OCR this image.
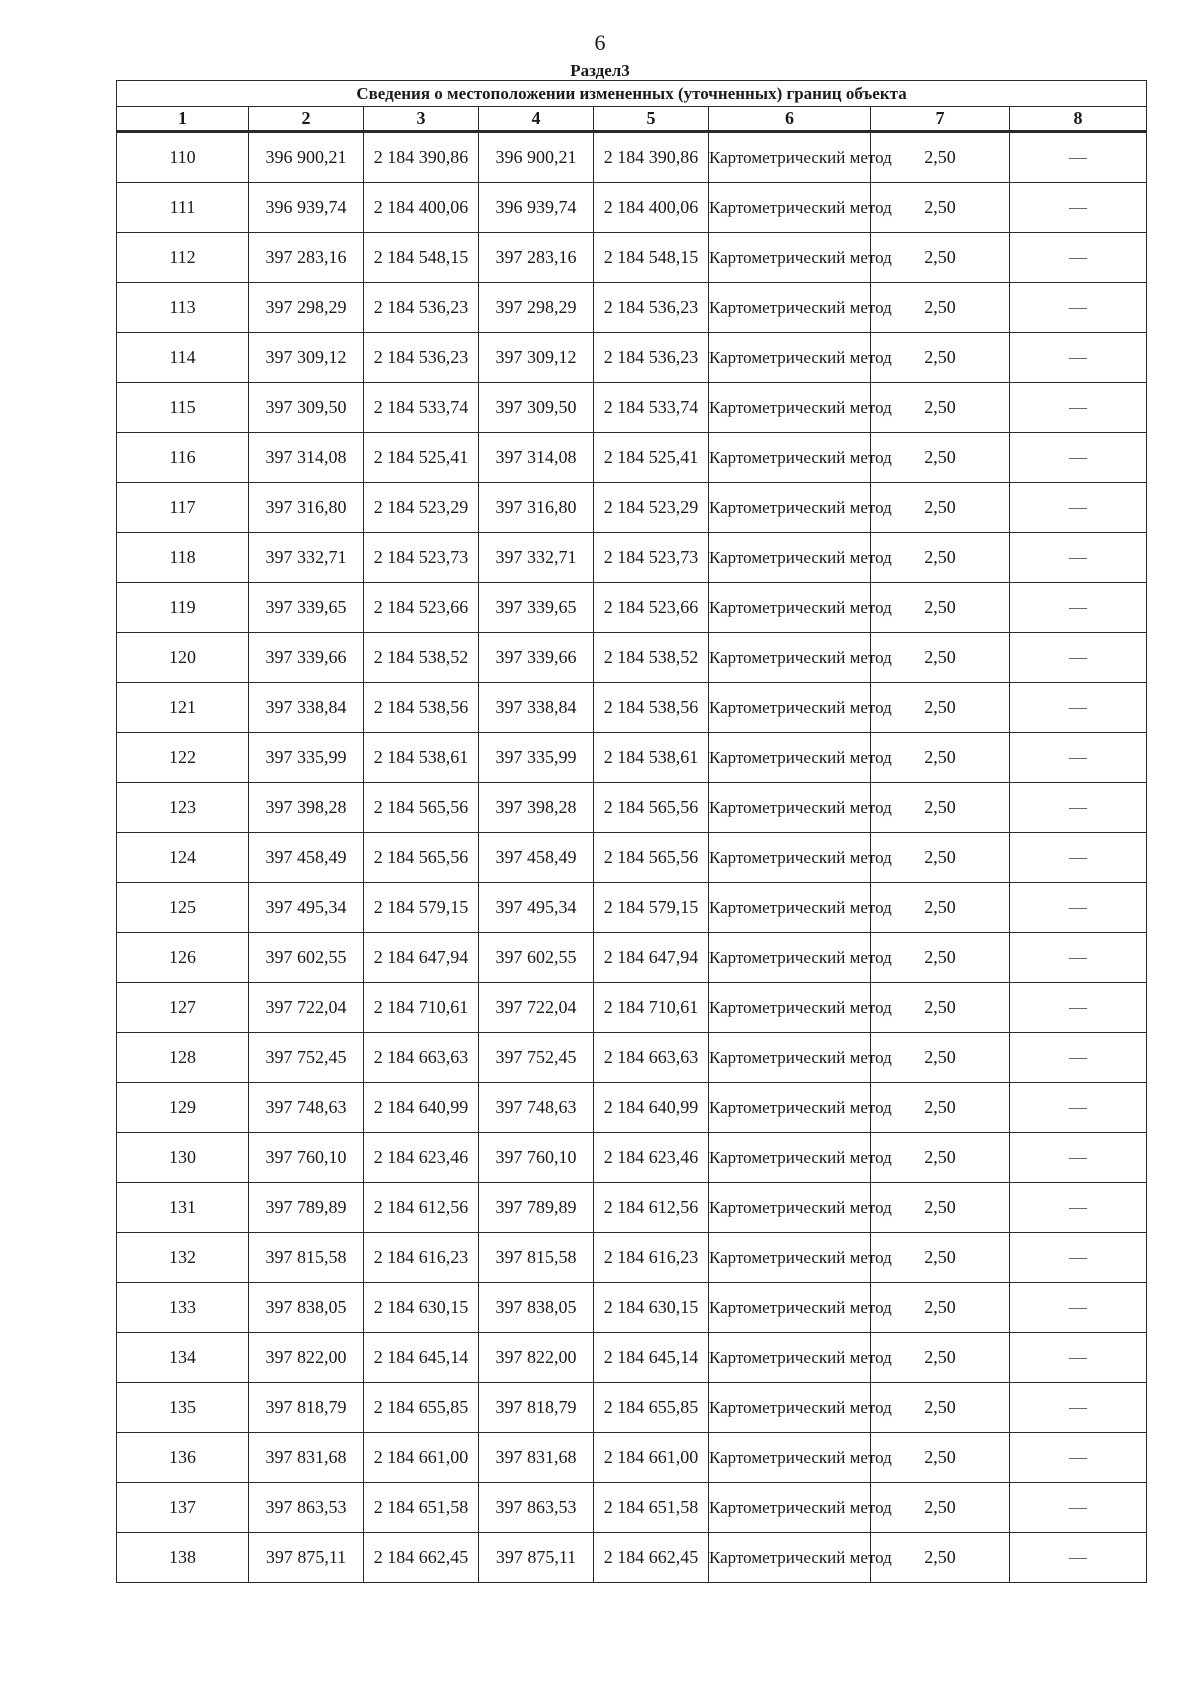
6
Раздел3
Сведения о местоположении измененных (уточненных) границ объекта							
1	2	3	4	5	6	7	8
110	396 900,21	2 184 390,86	396 900,21	2 184 390,86	Картометрический метод	2,50	—
111	396 939,74	2 184 400,06	396 939,74	2 184 400,06	Картометрический метод	2,50	—
112	397 283,16	2 184 548,15	397 283,16	2 184 548,15	Картометрический метод	2,50	—
113	397 298,29	2 184 536,23	397 298,29	2 184 536,23	Картометрический метод	2,50	—
114	397 309,12	2 184 536,23	397 309,12	2 184 536,23	Картометрический метод	2,50	—
115	397 309,50	2 184 533,74	397 309,50	2 184 533,74	Картометрический метод	2,50	—
116	397 314,08	2 184 525,41	397 314,08	2 184 525,41	Картометрический метод	2,50	—
117	397 316,80	2 184 523,29	397 316,80	2 184 523,29	Картометрический метод	2,50	—
118	397 332,71	2 184 523,73	397 332,71	2 184 523,73	Картометрический метод	2,50	—
119	397 339,65	2 184 523,66	397 339,65	2 184 523,66	Картометрический метод	2,50	—
120	397 339,66	2 184 538,52	397 339,66	2 184 538,52	Картометрический метод	2,50	—
121	397 338,84	2 184 538,56	397 338,84	2 184 538,56	Картометрический метод	2,50	—
122	397 335,99	2 184 538,61	397 335,99	2 184 538,61	Картометрический метод	2,50	—
123	397 398,28	2 184 565,56	397 398,28	2 184 565,56	Картометрический метод	2,50	—
124	397 458,49	2 184 565,56	397 458,49	2 184 565,56	Картометрический метод	2,50	—
125	397 495,34	2 184 579,15	397 495,34	2 184 579,15	Картометрический метод	2,50	—
126	397 602,55	2 184 647,94	397 602,55	2 184 647,94	Картометрический метод	2,50	—
127	397 722,04	2 184 710,61	397 722,04	2 184 710,61	Картометрический метод	2,50	—
128	397 752,45	2 184 663,63	397 752,45	2 184 663,63	Картометрический метод	2,50	—
129	397 748,63	2 184 640,99	397 748,63	2 184 640,99	Картометрический метод	2,50	—
130	397 760,10	2 184 623,46	397 760,10	2 184 623,46	Картометрический метод	2,50	—
131	397 789,89	2 184 612,56	397 789,89	2 184 612,56	Картометрический метод	2,50	—
132	397 815,58	2 184 616,23	397 815,58	2 184 616,23	Картометрический метод	2,50	—
133	397 838,05	2 184 630,15	397 838,05	2 184 630,15	Картометрический метод	2,50	—
134	397 822,00	2 184 645,14	397 822,00	2 184 645,14	Картометрический метод	2,50	—
135	397 818,79	2 184 655,85	397 818,79	2 184 655,85	Картометрический метод	2,50	—
136	397 831,68	2 184 661,00	397 831,68	2 184 661,00	Картометрический метод	2,50	—
137	397 863,53	2 184 651,58	397 863,53	2 184 651,58	Картометрический метод	2,50	—
138	397 875,11	2 184 662,45	397 875,11	2 184 662,45	Картометрический метод	2,50	—
